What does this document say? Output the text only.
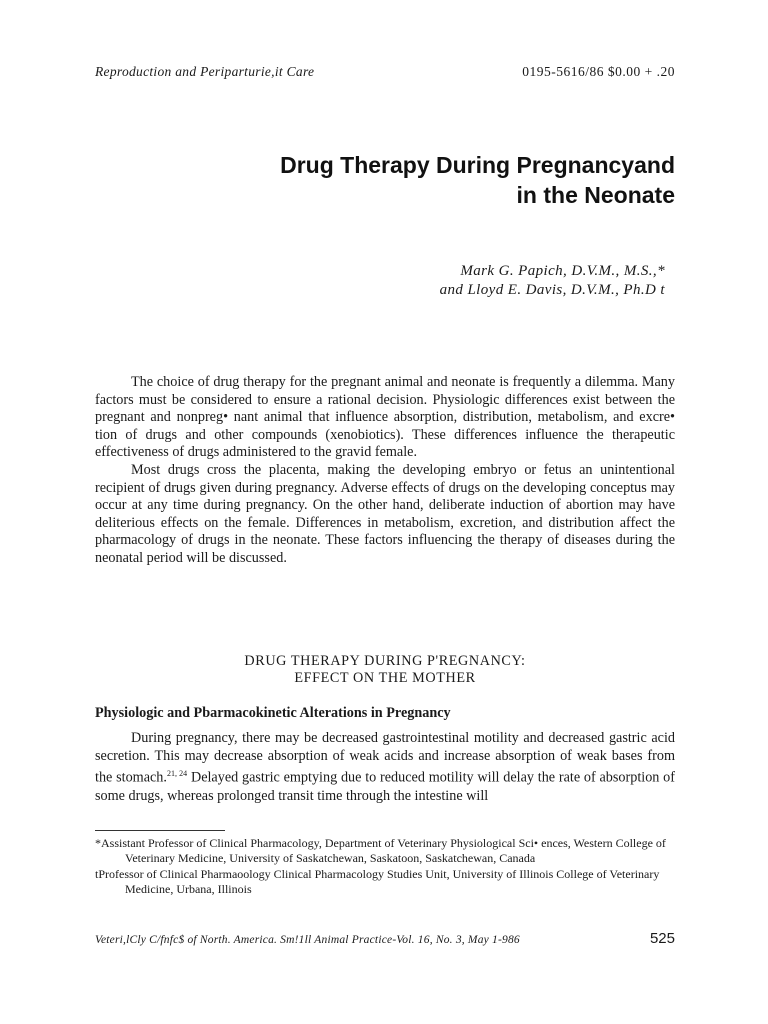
Reproduction and Periparturie,it Care	0195-5616/86 $0.00 + .20
Drug Therapy During Pregnancyand
in the Neonate
Mark G. Papich, D.V.M., M.S.,*
and Lloyd E. Davis, D.V.M., Ph.D t

The choice of drug therapy for the pregnant animal and neonate is frequently a dilemma. Many factors must be considered to ensure a rational decision. Physiologic differences exist between the pregnant and nonpreg• nant animal that influence absorption, distribution, metabolism, and excre• tion of drugs and other compounds (xenobiotics). These differences influence the therapeutic effectiveness of drugs administered to the gravid female.

Most drugs cross the placenta, making the developing embryo or fetus an unintentional recipient of drugs given during pregnancy. Adverse effects of drugs on the developing conceptus may occur at any time during pregnancy. On the other hand, deliberate induction of abortion may have deliterious effects on the female. Differences in metabolism, excretion, and distribution affect the pharmacology of drugs in the neonate. These factors influencing the therapy of diseases during the neonatal period will be discussed.

DRUG THERAPY DURING P'REGNANCY:
EFFECT ON THE MOTHER
Physiologic and Pbarmacokinetic Alterations in Pregnancy

During pregnancy, there may be decreased gastrointestinal motility and decreased gastric acid secretion. This may decrease absorption of weak acids and increase absorption of weak bases from the stomach.$^{21, 24}$ Delayed gastric emptying due to reduced motility will delay the rate of absorption of some drugs, whereas prolonged transit time through the intestine will

*Assistant Professor of Clinical Pharmacology, Department of Veterinary Physiological Sci• ences, Western College of Veterinary Medicine, University of Saskatchewan, Saskatoon, Saskatchewan, Canada

tProfessor of Clinical Pharmaoology Clinical Pharmacology Studies Unit, University of Illinois College of Veterinary Medicine, Urbana, Illinois

Veteri,lCly C/fnfc$ of North. America. Sm!1ll Animal Practice-Vol. 16, No. 3, May 1-986	525
